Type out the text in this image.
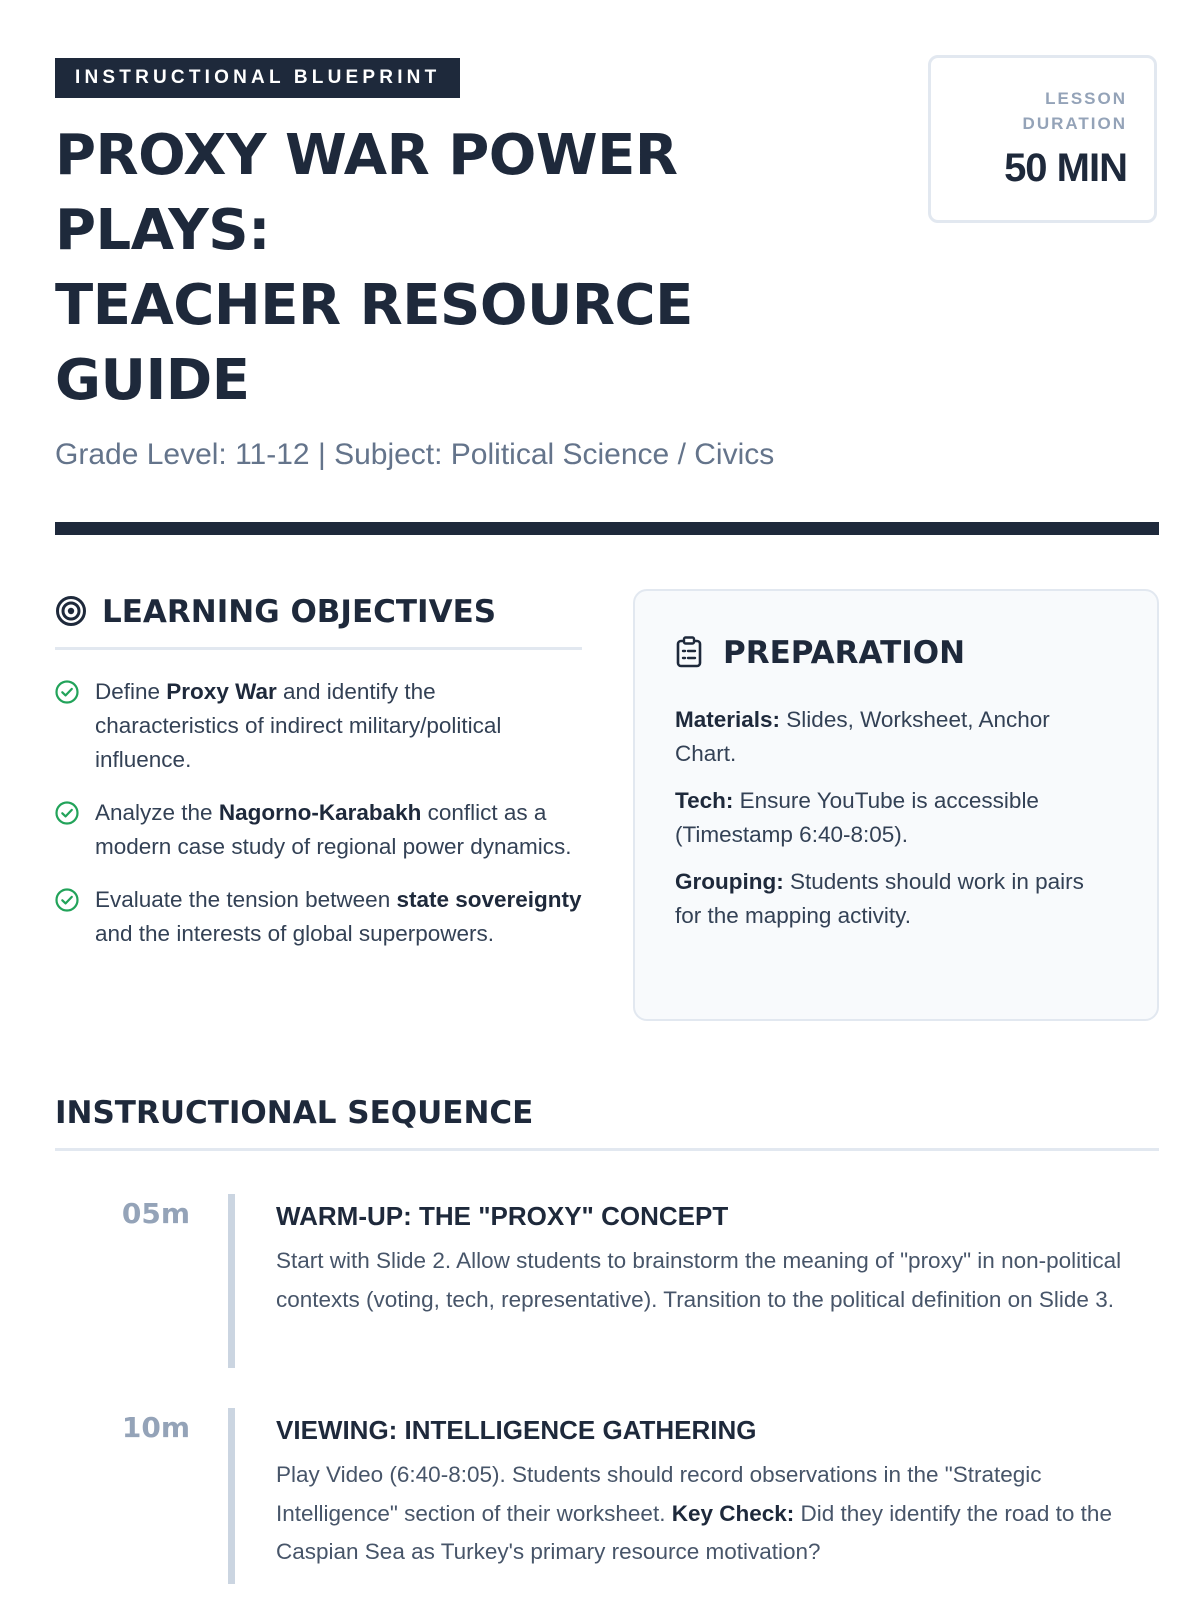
INSTRUCTIONAL BLUEPRINT
PROXY WAR POWER
PLAYS:
TEACHER RESOURCE
GUIDE
Grade Level: 11-12 | Subject: Political Science / Civics
LESSON
DURATION
50 MIN
LEARNING OBJECTIVES
Define Proxy War and identify the characteristics of indirect military/political influence.
Analyze the Nagorno-Karabakh conflict as a modern case study of regional power dynamics.
Evaluate the tension between state sovereignty and the interests of global superpowers.
PREPARATION

Materials: Slides, Worksheet, Anchor Chart.

Tech: Ensure YouTube is accessible (Timestamp 6:40-8:05).

Grouping: Students should work in pairs for the mapping activity.

INSTRUCTIONAL SEQUENCE
05m	WARM-UP: THE "PROXY" CONCEPT

Start with Slide 2. Allow students to brainstorm the meaning of "proxy" in non-political contexts (voting, tech, representative). Transition to the political definition on Slide 3.

10m	VIEWING: INTELLIGENCE GATHERING

Play Video (6:40-8:05). Students should record observations in the "Strategic Intelligence" section of their worksheet. Key Check: Did they identify the road to the Caspian Sea as Turkey's primary resource motivation?
